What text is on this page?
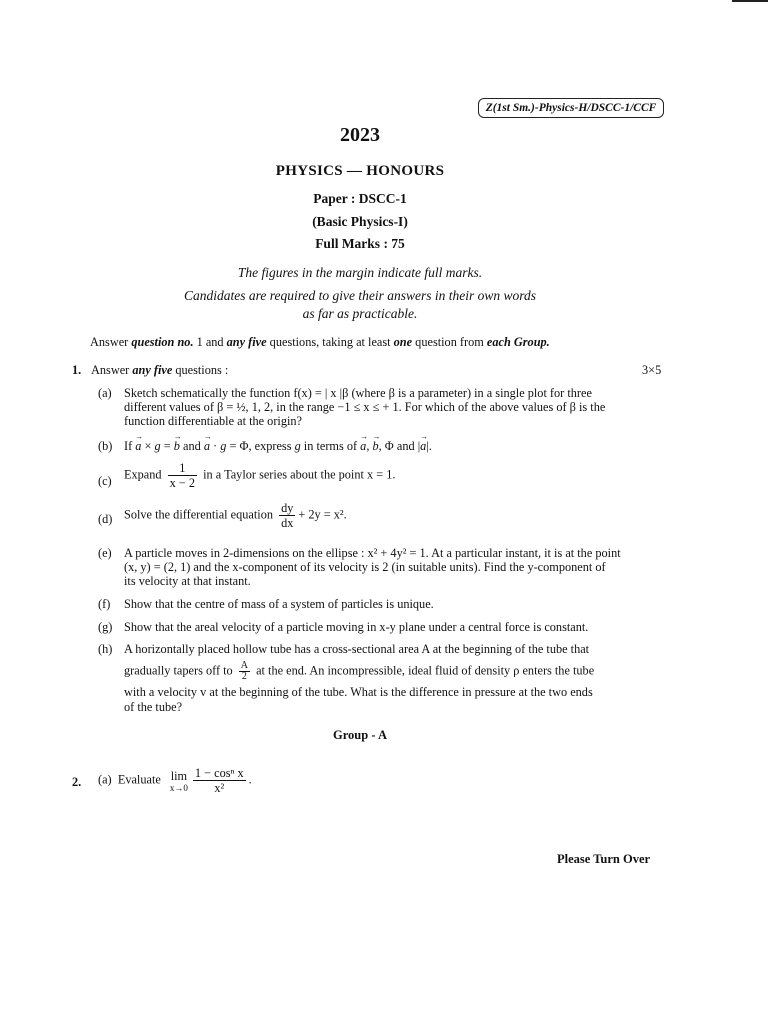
Z(1st Sm.)-Physics-H/DSCC-1/CCF
2023
PHYSICS — HONOURS
Paper : DSCC-1
(Basic Physics-I)
Full Marks : 75
The figures in the margin indicate full marks.
Candidates are required to give their answers in their own words
as far as practicable.
Answer question no. 1 and any five questions, taking at least one question from each Group.
1. Answer any five questions :	3×5
(a) Sketch schematically the function f(x) = | x |β (where β is a parameter) in a single plot for three
different values of β = ½, 1, 2, in the range −1 ≤ x ≤ + 1. For which of the above values of β is the
function differentiable at the origin?
(b) If → a × g = → b and → a · g = Φ, express g in terms of → a, → b, Φ and |→ a|.
(c) Expand $\frac{1}{x - 2}$ in a Taylor series about the point x = 1.
(d) Solve the differential equation $\frac{dy}{dx} + 2y = x^2$.
(e) A particle moves in 2-dimensions on the ellipse : x² + 4y² = 1. At a particular instant, it is at the point
(x, y) = (2, 1) and the x-component of its velocity is 2 (in suitable units). Find the y-component of
its velocity at that instant.
(f) Show that the centre of mass of a system of particles is unique.
(g) Show that the areal velocity of a particle moving in x-y plane under a central force is constant.
(h) A horizontally placed hollow tube has a cross-sectional area A at the beginning of the tube that
gradually tapers off to $\frac{A}{2}$ at the end. An incompressible, ideal fluid of density ρ enters the tube
with a velocity v at the beginning of the tube. What is the difference in pressure at the two ends
of the tube?
Group - A
2. (a) Evaluate lim
$x\to 0 \frac{\text{1 − cosⁿ x}}{\text{x²}}$ .
Please Turn Over
